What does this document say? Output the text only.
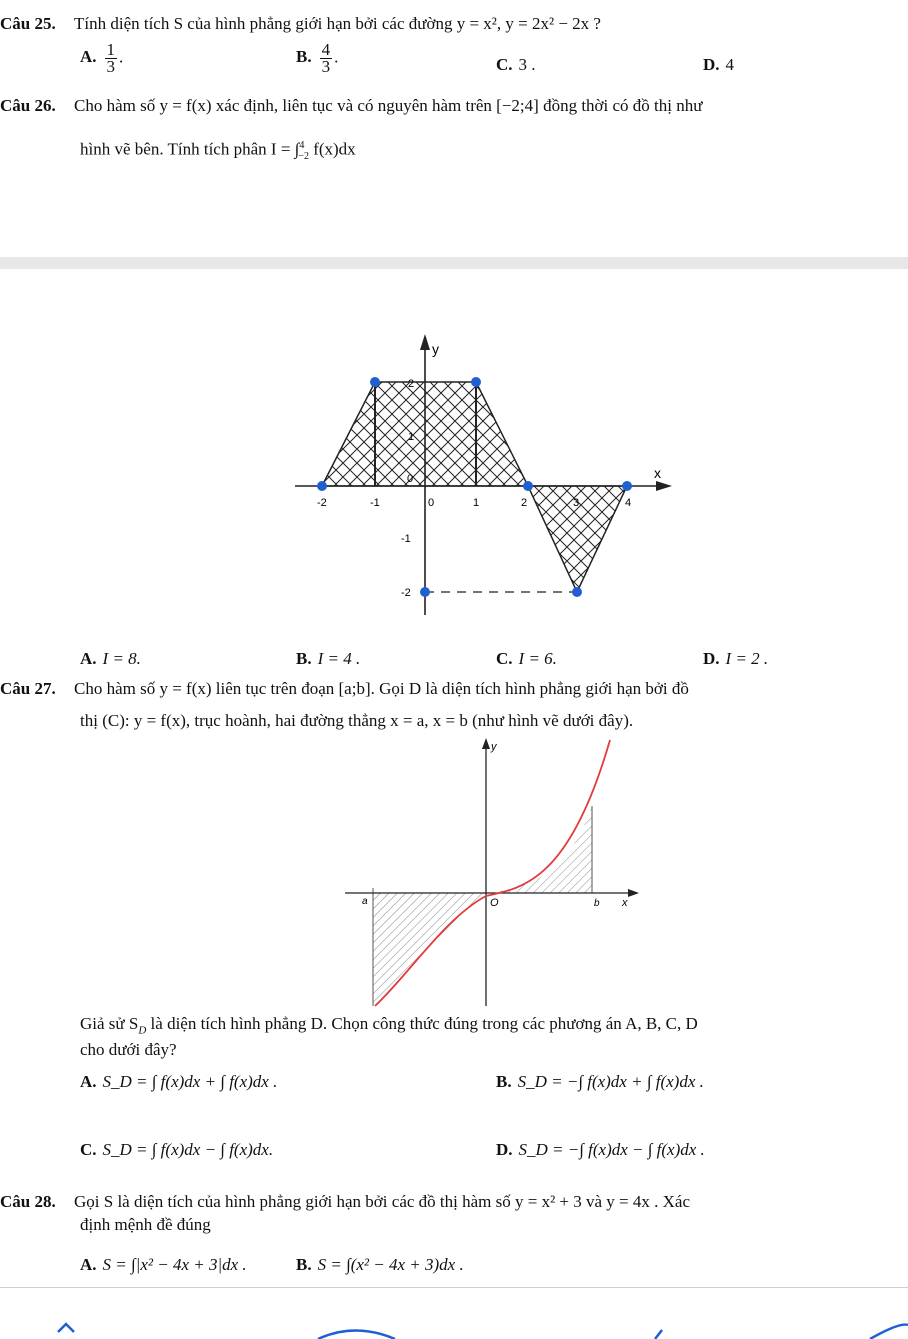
Câu 25. Tính diện tích S của hình phẳng giới hạn bởi các đường y = x², y = 2x² − 2x ?
A. $\frac{1}{3}$ .	B. $\frac{4}{3}$ .	C. 3 .	D. 4
Câu 26. Cho hàm số y = f(x) xác định, liên tục và có nguyên hàm trên [−2;4] đồng thời có đồ thị như
hình vẽ bên. Tính tích phân I = ∫$^4_{-2}$ f(x)dx
y
x
-2	-1	0	1	2	3	4
0
2
1
-1
-2
A. I = 8.	B. I = 4 .	C. I = 6.	D. I = 2 .
Câu 27. Cho hàm số y = f(x) liên tục trên đoạn [a;b]. Gọi D là diện tích hình phẳng giới hạn bởi đồ
thị (C): y = f(x), trục hoành, hai đường thẳng x = a, x = b (như hình vẽ dưới đây).
y
x
O
a	b
Giả sử $S_D$ là diện tích hình phẳng D. Chọn công thức đúng trong các phương án A, B, C, D
cho dưới đây?
A. S_D = ∫ f(x)dx + ∫ f(x)dx .	B. S_D = −∫ f(x)dx + ∫ f(x)dx .
C. S_D = ∫ f(x)dx − ∫ f(x)dx.	D. S_D = −∫ f(x)dx − ∫ f(x)dx .
Câu 28. Gọi S là diện tích của hình phẳng giới hạn bởi các đồ thị hàm số y = x² + 3 và y = 4x . Xác
định mệnh đề đúng
A. S = ∫|x² − 4x + 3|dx .	B. S = ∫(x² − 4x + 3)dx .
